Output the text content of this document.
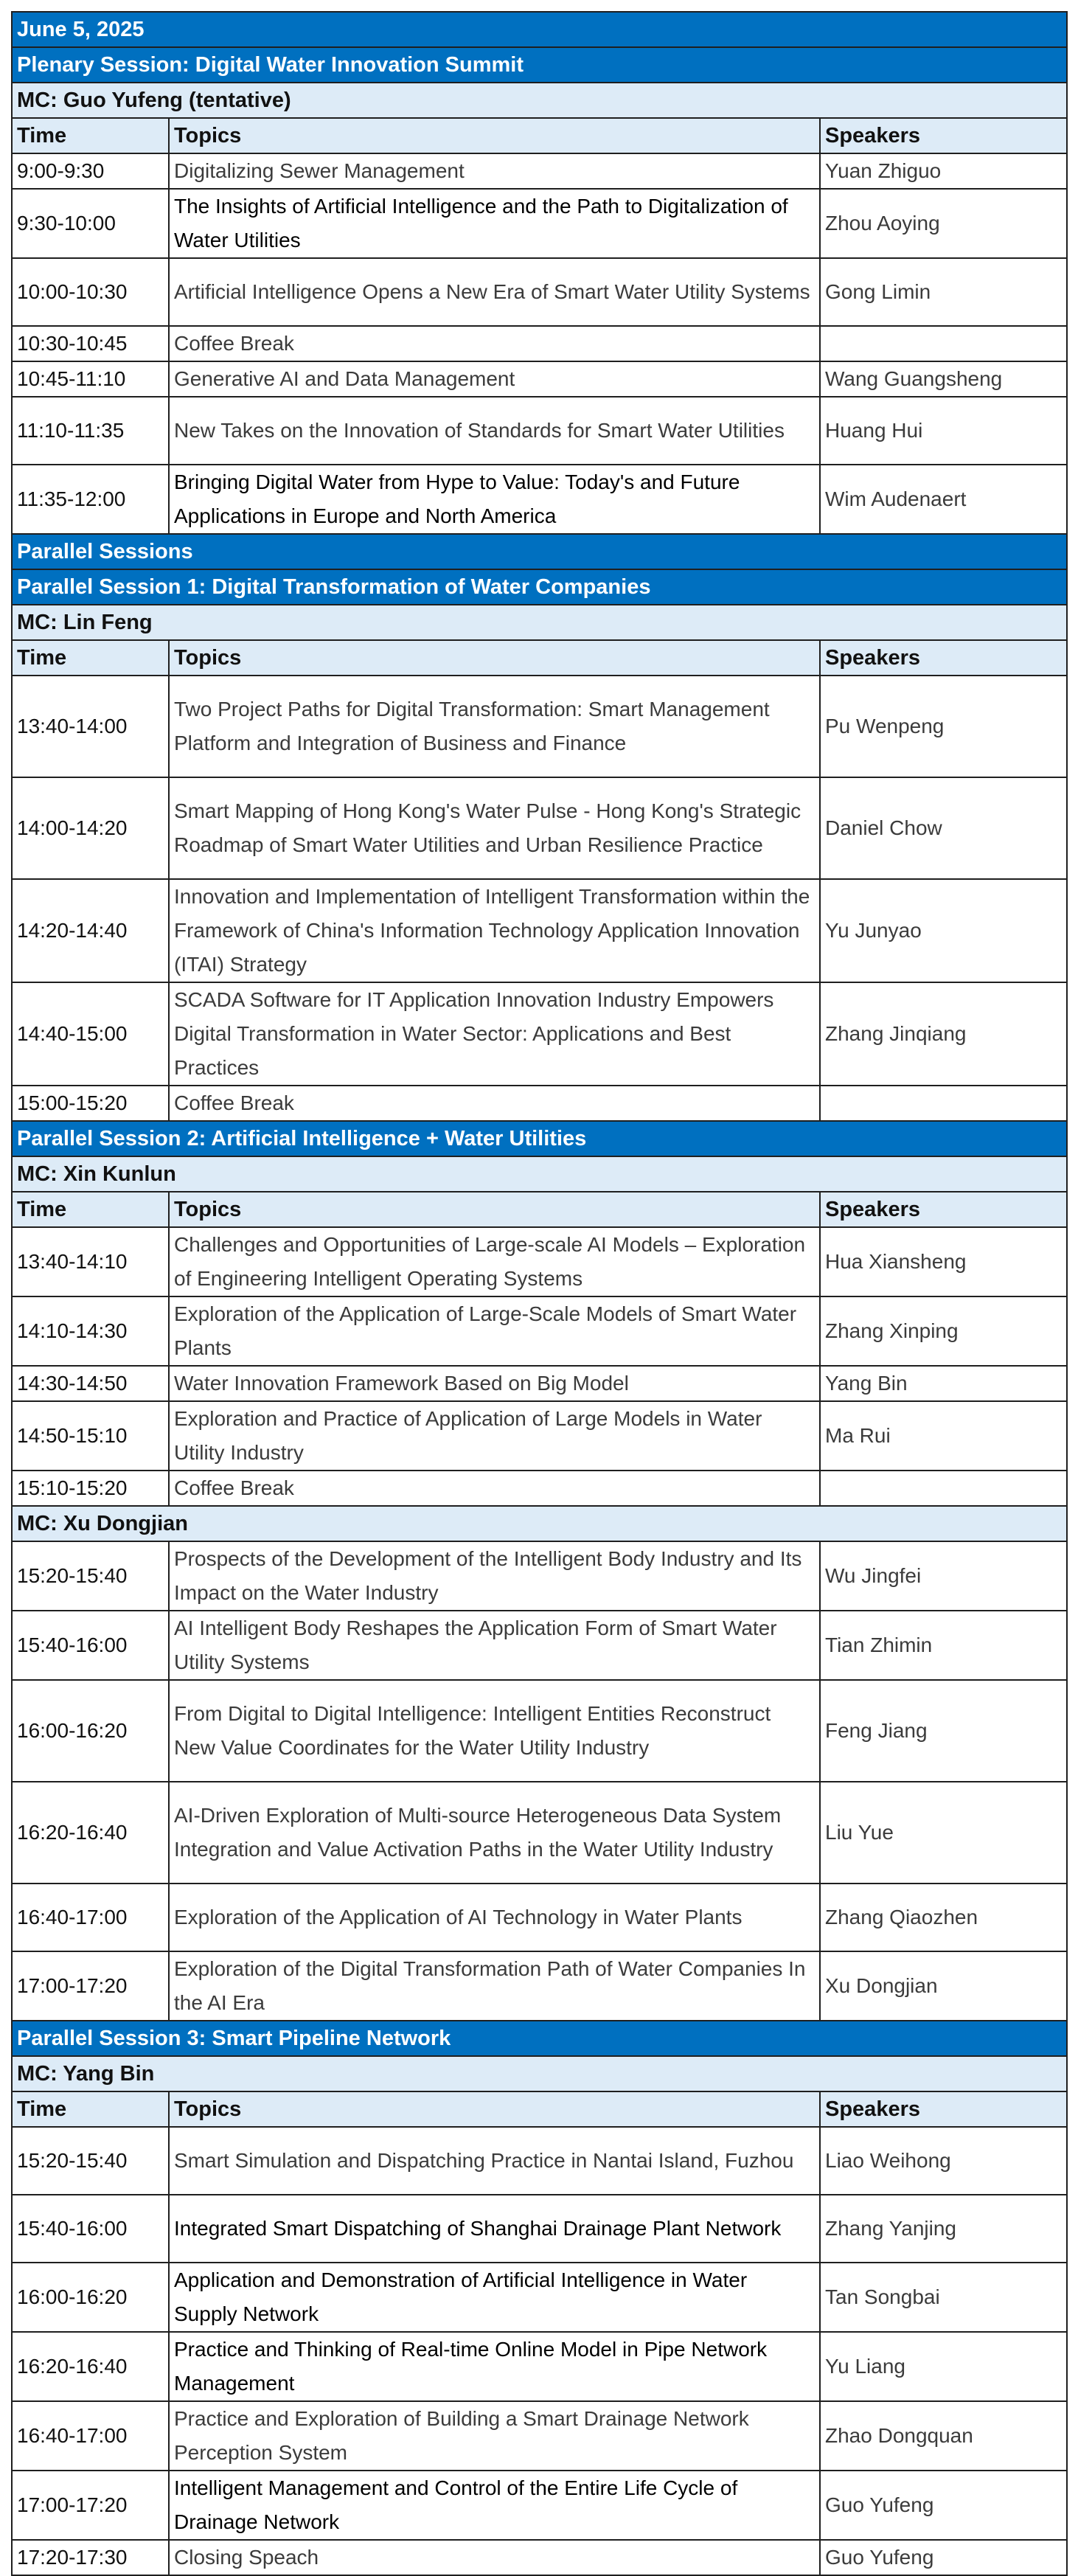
June 5, 2025		
Plenary Session: Digital Water Innovation Summit		
MC: Guo Yufeng (tentative)		
Time	Topics	Speakers
9:00-9:30	Digitalizing Sewer Management	Yuan Zhiguo
9:30-10:00	The Insights of Artificial Intelligence and the Path to Digitalization of Water Utilities	Zhou Aoying
10:00-10:30	Artificial Intelligence Opens a New Era of Smart Water Utility Systems	Gong Limin
10:30-10:45	Coffee Break	
10:45-11:10	Generative AI and Data Management	Wang Guangsheng
11:10-11:35	New Takes on the Innovation of Standards for Smart Water Utilities	Huang Hui
11:35-12:00	Bringing Digital Water from Hype to Value: Today's and Future Applications in Europe and North America	Wim Audenaert
Parallel Sessions		
Parallel Session 1: Digital Transformation of Water Companies		
MC: Lin Feng		
Time	Topics	Speakers
13:40-14:00	Two Project Paths for Digital Transformation: Smart Management Platform and Integration of Business and Finance	Pu Wenpeng
14:00-14:20	Smart Mapping of Hong Kong's Water Pulse - Hong Kong's Strategic Roadmap of Smart Water Utilities and Urban Resilience Practice	Daniel Chow
14:20-14:40	Innovation and Implementation of Intelligent Transformation within the Framework of China's Information Technology Application Innovation (ITAI) Strategy	Yu Junyao
14:40-15:00	SCADA Software for IT Application Innovation Industry Empowers Digital Transformation in Water Sector: Applications and Best Practices	Zhang Jinqiang
15:00-15:20	Coffee Break	
Parallel Session 2: Artificial Intelligence + Water Utilities		
MC: Xin Kunlun		
Time	Topics	Speakers
13:40-14:10	Challenges and Opportunities of Large-scale AI Models – Exploration of Engineering Intelligent Operating Systems	Hua Xiansheng
14:10-14:30	Exploration of the Application of Large-Scale Models of Smart Water Plants	Zhang Xinping
14:30-14:50	Water Innovation Framework Based on Big Model	Yang Bin
14:50-15:10	Exploration and Practice of Application of Large Models in Water Utility Industry	Ma Rui
15:10-15:20	Coffee Break	
MC: Xu Dongjian		
15:20-15:40	Prospects of the Development of the Intelligent Body Industry and Its Impact on the Water Industry	Wu Jingfei
15:40-16:00	AI Intelligent Body Reshapes the Application Form of Smart Water Utility Systems	Tian Zhimin
16:00-16:20	From Digital to Digital Intelligence: Intelligent Entities Reconstruct New Value Coordinates for the Water Utility Industry	Feng Jiang
16:20-16:40	AI-Driven Exploration of Multi-source Heterogeneous Data System Integration and Value Activation Paths in the Water Utility Industry	Liu Yue
16:40-17:00	Exploration of the Application of AI Technology in Water Plants	Zhang Qiaozhen
17:00-17:20	Exploration of the Digital Transformation Path of Water Companies In the AI Era	Xu Dongjian
Parallel Session 3: Smart Pipeline Network		
MC: Yang Bin		
Time	Topics	Speakers
15:20-15:40	Smart Simulation and Dispatching Practice in Nantai Island, Fuzhou	Liao Weihong
15:40-16:00	Integrated Smart Dispatching of Shanghai Drainage Plant Network	Zhang Yanjing
16:00-16:20	Application and Demonstration of Artificial Intelligence in Water Supply Network	Tan Songbai
16:20-16:40	Practice and Thinking of Real-time Online Model in Pipe Network Management	Yu Liang
16:40-17:00	Practice and Exploration of Building a Smart Drainage Network Perception System	Zhao Dongquan
17:00-17:20	Intelligent Management and Control of the Entire Life Cycle of Drainage Network	Guo Yufeng
17:20-17:30	Closing Speach	Guo Yufeng
